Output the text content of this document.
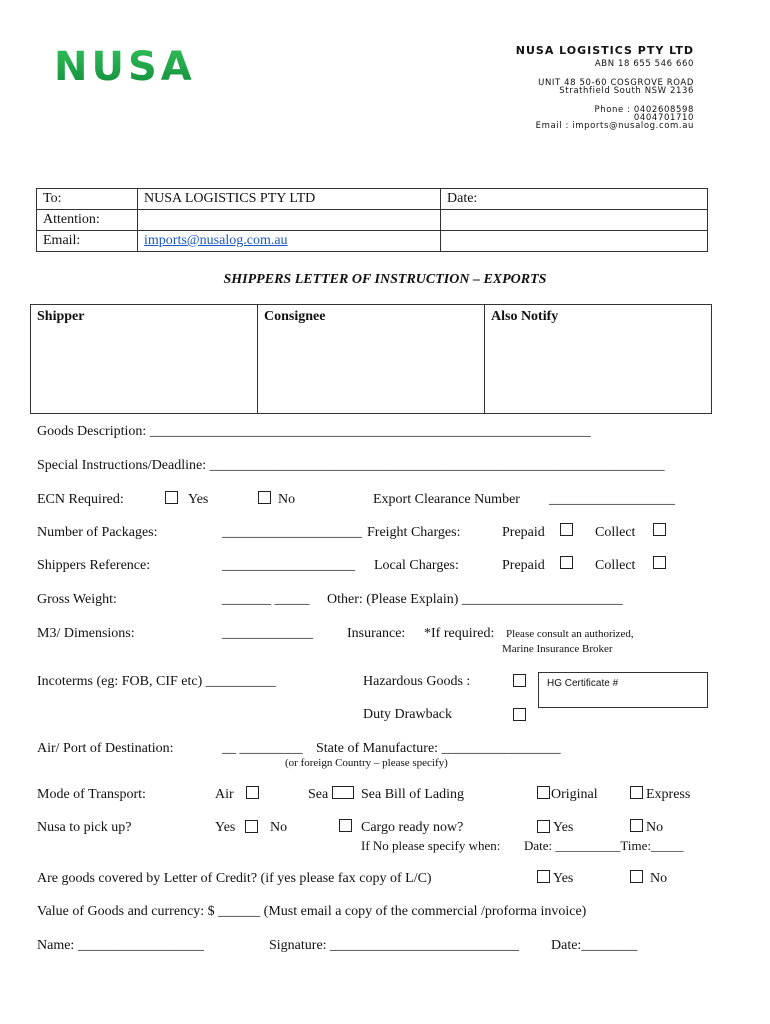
NUSA	NUSA LOGISTICS PTY LTD
ABN 18 655 546 660
UNIT 48 50-60 COSGROVE ROAD
Strathfield South NSW 2136
Phone : 0402608598
0404701710
Email : imports@nusalog.com.au
To:	NUSA LOGISTICS PTY LTD	Date:
Attention:		
Email:	imports@nusalog.com.au	
SHIPPERS LETTER OF INSTRUCTION – EXPORTS
Shipper	Consignee	Also Notify
Goods Description: _______________________________________________________________
Special Instructions/Deadline: _________________________________________________________________
ECN Required:	Yes	No	Export Clearance Number __________________
Number of Packages:	____________________ Freight Charges:	Prepaid	Collect
Shippers Reference:	___________________ Local Charges:	Prepaid	Collect
Gross Weight:	_______ _____ Other: (Please Explain) _______________________
M3/ Dimensions:	_____________ Insurance: *If required: Please consult an authorized,
Marine Insurance Broker
Incoterms (eg: FOB, CIF etc) __________	Hazardous Goods :	HG Certificate #
Duty Drawback
Air/ Port of Destination:	__ _________ State of Manufacture: _________________
(or foreign Country – please specify)
Mode of Transport:	Air	Sea Sea Bill of Lading	Original	Express
Nusa to pick up?	Yes No	Cargo ready now?	Yes	No
If No please specify when: Date: __________Time:_____
Are goods covered by Letter of Credit? (if yes please fax copy of L/C)	Yes	No
Value of Goods and currency: $ ______ (Must email a copy of the commercial /proforma invoice)
Name: __________________	Signature: ___________________________ Date:________
